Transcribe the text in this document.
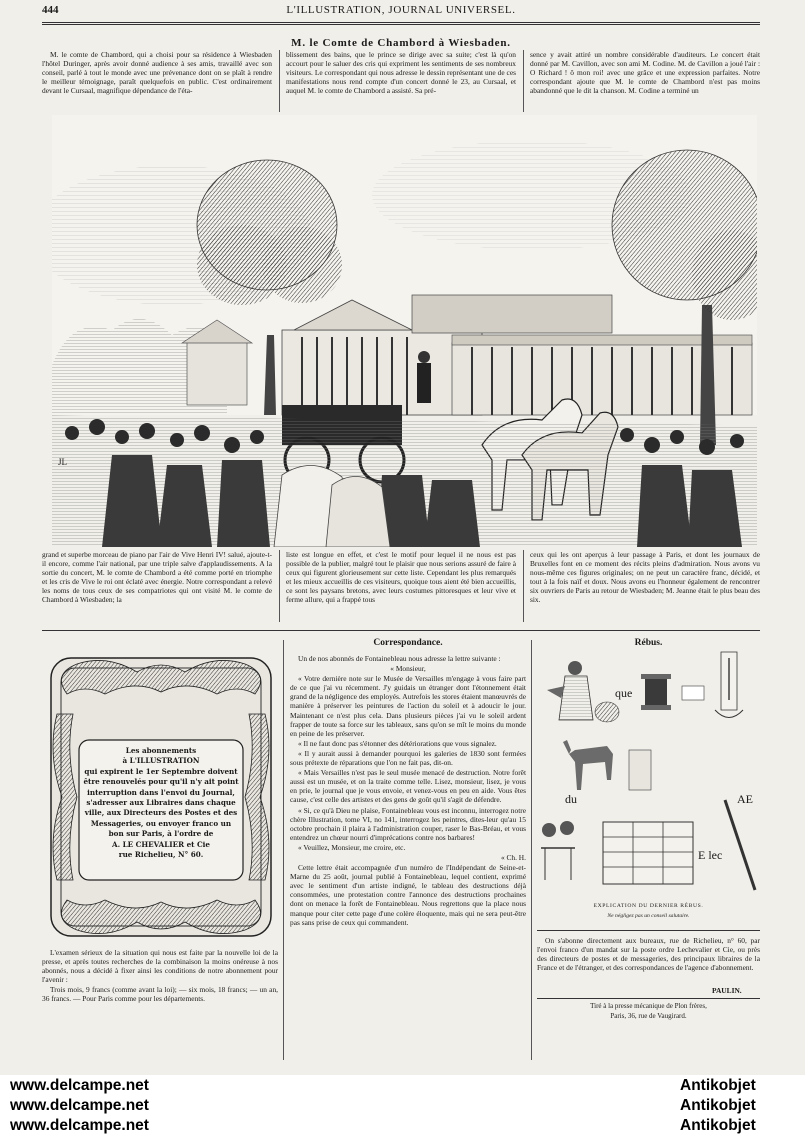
444	L'ILLUSTRATION, JOURNAL UNIVERSEL.
M. le Comte de Chambord à Wiesbaden.

M. le comte de Chambord, qui a choisi pour sa résidence à Wiesbaden l'hôtel Duringer, après avoir donné audience à ses amis, travaillé avec son conseil, parlé à tout le monde avec une prévenance dont on se plaît à rendre le meilleur témoignage, paraît quelquefois en public. C'est ordinairement devant le Cursaal, magnifique dépendance de l'éta-

blissement des bains, que le prince se dirige avec sa suite; c'est là qu'on accourt pour le saluer des cris qui expriment les sentiments de ses nombreux visiteurs. Le correspondant qui nous adresse le dessin représentant une de ces manifestations nous rend compte d'un concert donné le 23, au Cursaal, et auquel M. le comte de Chambord a assisté. Sa pré-

sence y avait attiré un nombre considérable d'auditeurs. Le concert était donné par M. Cavillon, avec son ami M. Codine. M. de Cavillon a joué l'air : O Richard ! ô mon roi! avec une grâce et une expression parfaites. Notre correspondant ajoute que M. le comte de Chambord n'est pas moins abandonné que le dit la chanson. M. Codine a terminé un

JL

grand et superbe morceau de piano par l'air de Vive Henri IV! salué, ajoute-t-il encore, comme l'air national, par une triple salve d'applaudissements. A la sortie du concert, M. le comte de Chambord a été comme porté en triomphe et les cris de Vive le roi ont éclaté avec énergie. Notre correspondant a relevé les noms de tous ceux de ses compatriotes qui ont visité M. le comte de Chambord à Wiesbaden; la

liste est longue en effet, et c'est le motif pour lequel il ne nous est pas possible de la publier, malgré tout le plaisir que nous serions assuré de faire à ceux qui figurent glorieusement sur cette liste. Cependant les plus remarqués et les mieux accueillis de ces visiteurs, quoique tous aient été bien accueillis, ce sont les paysans bretons, avec leurs costumes pittoresques et leur vive et ferme allure, qui a frappé tous

ceux qui les ont aperçus à leur passage à Paris, et dont les journaux de Bruxelles font en ce moment des récits pleins d'admiration. Nous avons vu nous-même ces figures originales; on ne peut un caractère franc, décidé, et tout à la fois naïf et doux. Nous avons eu l'honneur également de rencontrer six ouvriers de Paris au retour de Wiesbaden; M. Jeanne était le plus beau des six.

Les abonnements
à L'ILLUSTRATION
qui expirent le 1er Septembre doivent
être renouvelés pour qu'il n'y ait point
interruption dans l'envoi du Journal,
s'adresser aux Libraires dans chaque
ville, aux Directeurs des Postes et des
Messageries, ou envoyer franco un
bon sur Paris, à l'ordre de
A. LE CHEVALIER et Cie
rue Richelieu, N° 60.

L'examen sérieux de la situation qui nous est faite par la nouvelle loi de la presse, et après toutes recherches de la combinaison la moins onéreuse à nos abonnés, nous a décidé à fixer ainsi les conditions de notre abonnement pour l'avenir :

Trois mois, 9 francs (comme avant la loi); — six mois, 18 francs; — un an, 36 francs. — Pour Paris comme pour les départements.

Correspondance.

Un de nos abonnés de Fontainebleau nous adresse la lettre suivante :

« Monsieur,

« Votre dernière note sur le Musée de Versailles m'engage à vous faire part de ce que j'ai vu récemment. J'y guidais un étranger dont l'étonnement était grand de la négligence des employés. Autrefois les stores étaient manœuvrés de manière à préserver les peintures de l'action du soleil et à adoucir le jour. Maintenant ce n'est plus cela. Dans plusieurs pièces j'ai vu le soleil ardent frapper de toute sa force sur les tableaux, sans qu'on se mît le moins du monde en peine de les préserver.

« Il ne faut donc pas s'étonner des détériorations que vous signalez.

« Il y aurait aussi à demander pourquoi les galeries de 1830 sont fermées sous prétexte de réparations que l'on ne fait pas, dit-on.

« Mais Versailles n'est pas le seul musée menacé de destruction. Notre forêt aussi est un musée, et on la traite comme telle. Lisez, monsieur, lisez, je vous en prie, le journal que je vous envoie, et venez-vous en peu en aide. Vous êtes cause, c'est celle des artistes et des gens de goût qu'il s'agit de défendre.

« Si, ce qu'à Dieu ne plaise, Fontainebleau vous est inconnu, interrogez notre chère Illustration, tome VI, no 141, interrogez les peintres, dites-leur qu'au 15 octobre prochain il plaira à l'administration couper, raser le Bas-Bréau, et vous entendrez un chœur nourri d'imprécations contre nos barbares!

« Veuillez, Monsieur, me croire, etc.

« Ch. H.

Cette lettre était accompagnée d'un numéro de l'Indépendant de Seine-et-Marne du 25 août, journal publié à Fontainebleau, lequel contient, exprimé avec le sentiment d'un artiste indigné, le tableau des destructions déjà consommées, une protestation contre l'annonce des destructions prochaines dont on menace la forêt de Fontainebleau. Nous regrettons que la place nous manque pour citer cette page d'une colère éloquente, mais qui ne sera peut-être pas sans prise de ceux qui commandent.

Rébus.
que
du	AE
E lec
EXPLICATION DU DERNIER RÉBUS.
Ne négligez pas un conseil salutaire.

On s'abonne directement aux bureaux, rue de Richelieu, n° 60, par l'envoi franco d'un mandat sur la poste ordre Lechevalier et Cie, ou près des directeurs de postes et de messageries, des principaux libraires de la France et de l'étranger, et des correspondances de l'agence d'abonnement.

PAULIN.
Tiré à la presse mécanique de Plon frères,
Paris, 36, rue de Vaugirard.
www.delcampe.net
www.delcampe.net
www.delcampe.net
Antikobjet
Antikobjet
Antikobjet
